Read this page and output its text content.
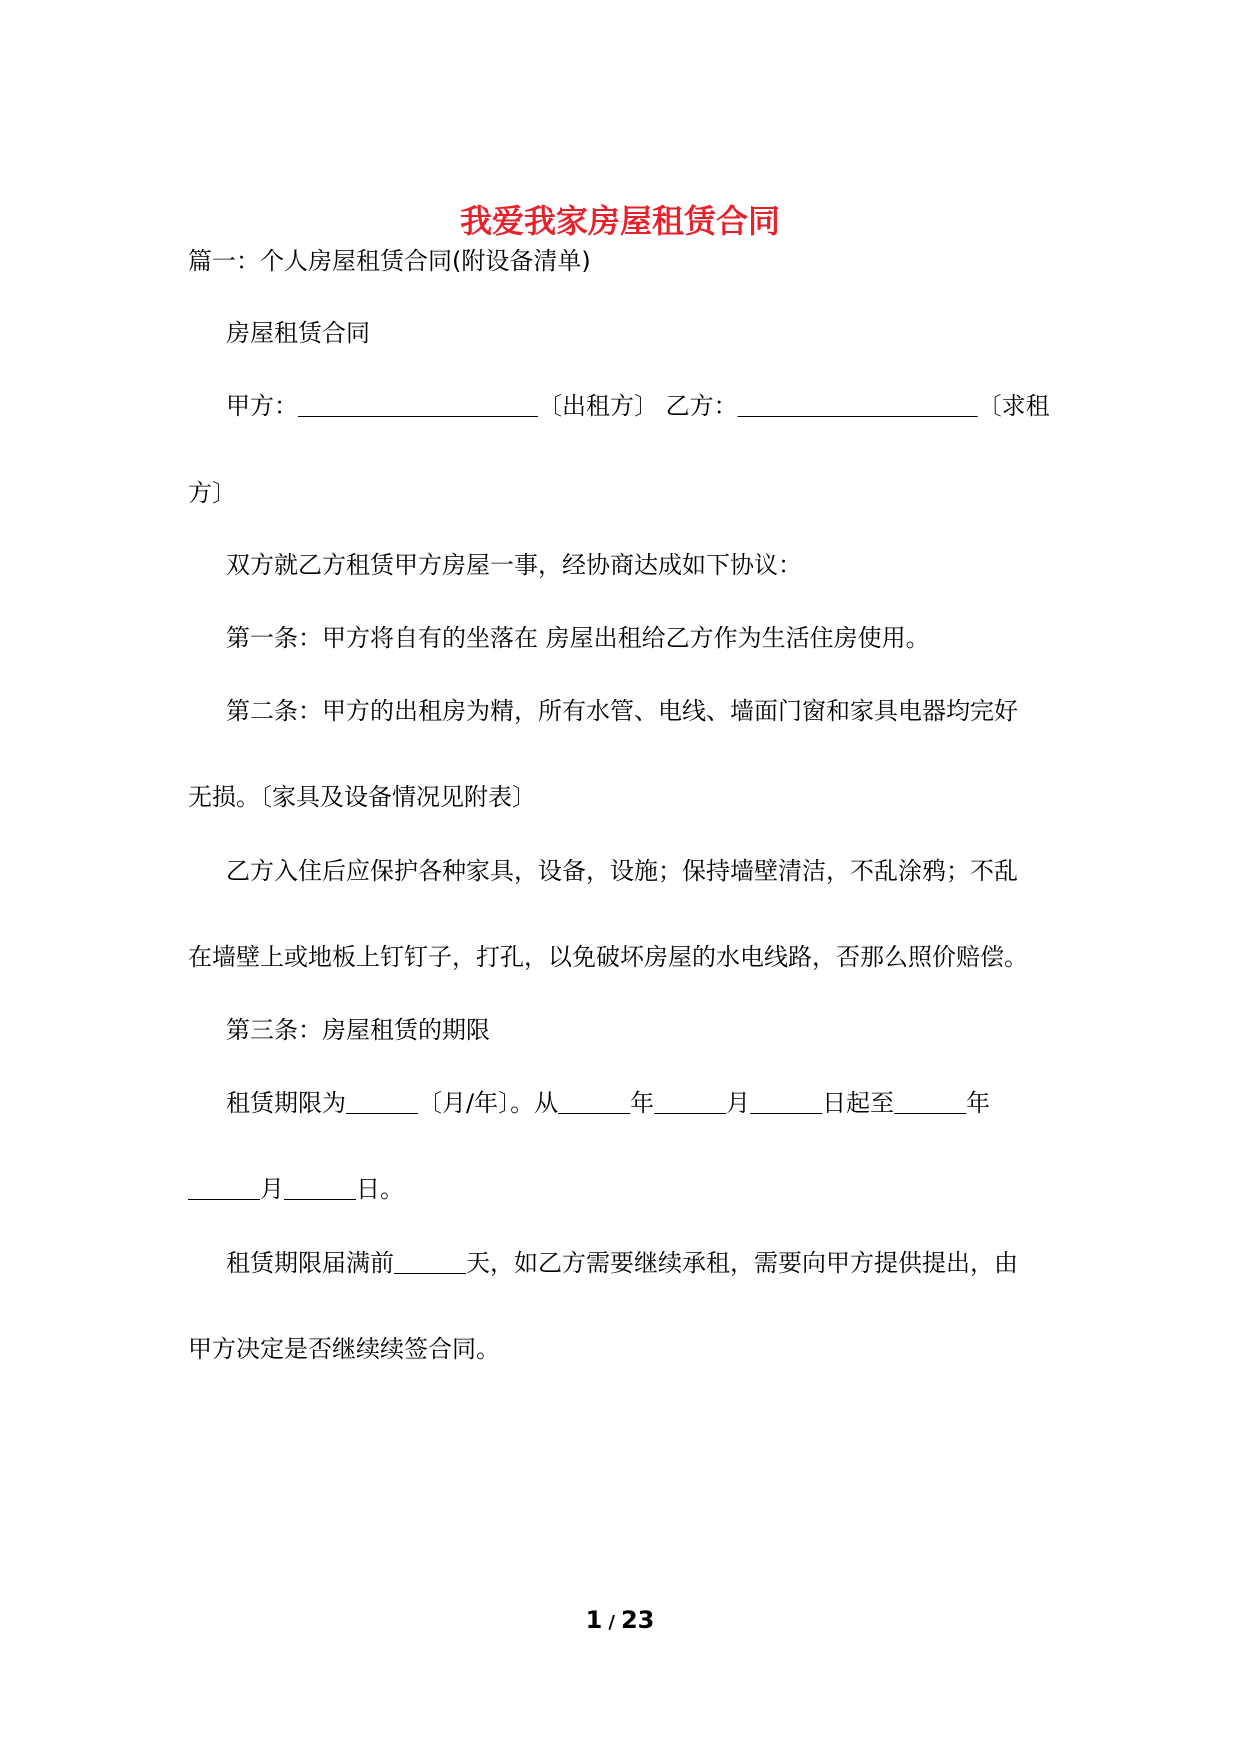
我爱我家房屋租赁合同
篇一：个人房屋租赁合同(附设备清单)
房屋租赁合同
甲方：＿＿＿＿＿＿＿＿＿＿〔出租方〕 乙方：＿＿＿＿＿＿＿＿＿＿〔求租
方〕
双方就乙方租赁甲方房屋一事，经协商达成如下协议：
第一条：甲方将自有的坐落在 房屋出租给乙方作为生活住房使用。
第二条：甲方的出租房为精，所有水管、电线、墙面门窗和家具电器均完好
无损。〔家具及设备情况见附表〕
乙方入住后应保护各种家具，设备，设施；保持墙壁清洁，不乱涂鸦；不乱
在墙壁上或地板上钉钉子，打孔，以免破坏房屋的水电线路，否那么照价赔偿。
第三条：房屋租赁的期限
租赁期限为＿＿＿〔月/年〕。从＿＿＿年＿＿＿月＿＿＿日起至＿＿＿年
＿＿＿月＿＿＿日。
租赁期限届满前＿＿＿天，如乙方需要继续承租，需要向甲方提供提出，由
甲方决定是否继续续签合同。
1 / 23
